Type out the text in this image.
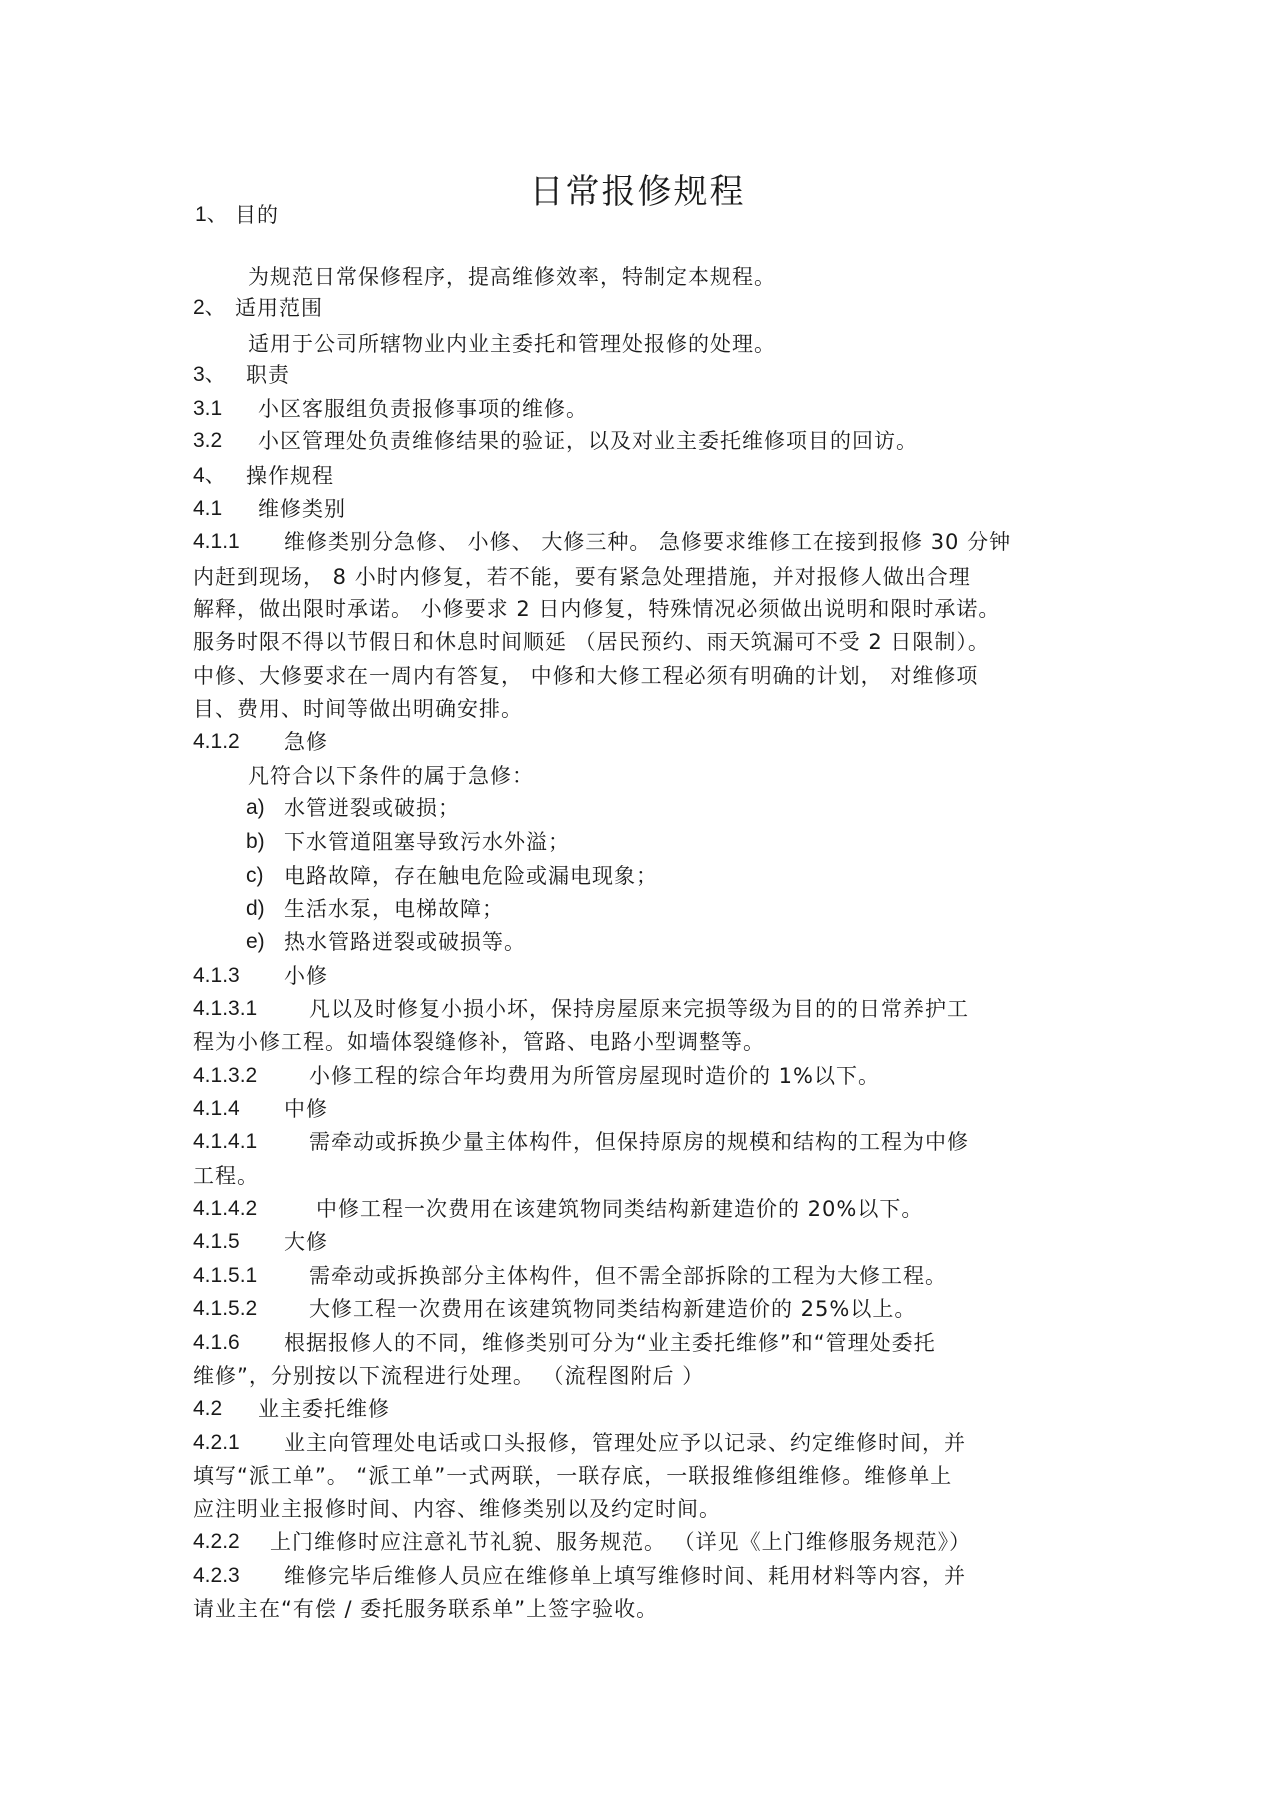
日常报修规程
1、 目的
为规范日常保修程序，提高维修效率，特制定本规程。
2、 适用范围
适用于公司所辖物业内业主委托和管理处报修的处理。
3、 职责
3.1 小区客服组负责报修事项的维修。
3.2 小区管理处负责维修结果的验证，以及对业主委托维修项目的回访。
4、 操作规程
4.1 维修类别
4.1.1 维修类别分急修、 小修、 大修三种。 急修要求维修工在接到报修 30 分钟
内赶到现场， 8 小时内修复，若不能，要有紧急处理措施，并对报修人做出合理
解释，做出限时承诺。 小修要求 2 日内修复，特殊情况必须做出说明和限时承诺。
服务时限不得以节假日和休息时间顺延 （居民预约、雨天筑漏可不受 2 日限制）。
中修、大修要求在一周内有答复， 中修和大修工程必须有明确的计划， 对维修项
目、费用、时间等做出明确安排。
4.1.2 急修
凡符合以下条件的属于急修：
a) 水管迸裂或破损；
b) 下水管道阻塞导致污水外溢；
c) 电路故障，存在触电危险或漏电现象；
d) 生活水泵，电梯故障；
e) 热水管路迸裂或破损等。
4.1.3 小修
4.1.3.1 凡以及时修复小损小坏，保持房屋原来完损等级为目的的日常养护工
程为小修工程。如墙体裂缝修补，管路、电路小型调整等。
4.1.3.2 小修工程的综合年均费用为所管房屋现时造价的 1%以下。
4.1.4 中修
4.1.4.1 需牵动或拆换少量主体构件，但保持原房的规模和结构的工程为中修
工程。
4.1.4.2	中修工程一次费用在该建筑物同类结构新建造价的 20%以下。
4.1.5 大修
4.1.5.1 需牵动或拆换部分主体构件，但不需全部拆除的工程为大修工程。
4.1.5.2 大修工程一次费用在该建筑物同类结构新建造价的 25%以上。
4.1.6 根据报修人的不同，维修类别可分为“业主委托维修”和“管理处委托
维修”，分别按以下流程进行处理。 （流程图附后 ）
4.2 业主委托维修
4.2.1 业主向管理处电话或口头报修，管理处应予以记录、约定维修时间，并
填写“派工单”。 “派工单”一式两联，一联存底，一联报维修组维修。维修单上
应注明业主报修时间、内容、维修类别以及约定时间。
4.2.2 上门维修时应注意礼节礼貌、服务规范。 （详见《上门维修服务规范》）
4.2.3 维修完毕后维修人员应在维修单上填写维修时间、耗用材料等内容，并
请业主在“有偿 / 委托服务联系单”上签字验收。
